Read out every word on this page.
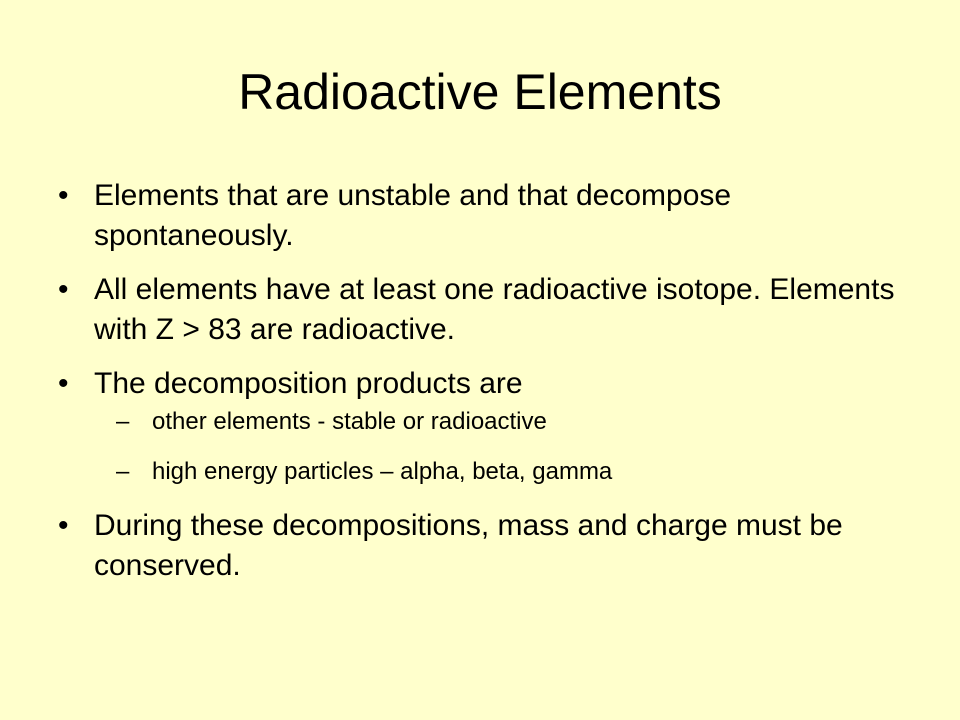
Radioactive Elements
• Elements that are unstable and that decompose spontaneously.
• All elements have at least one radioactive isotope. Elements with Z > 83 are radioactive.
• The decomposition products are
– other elements - stable or radioactive
– high energy particles – alpha, beta, gamma
• During these decompositions, mass and charge must be conserved.
